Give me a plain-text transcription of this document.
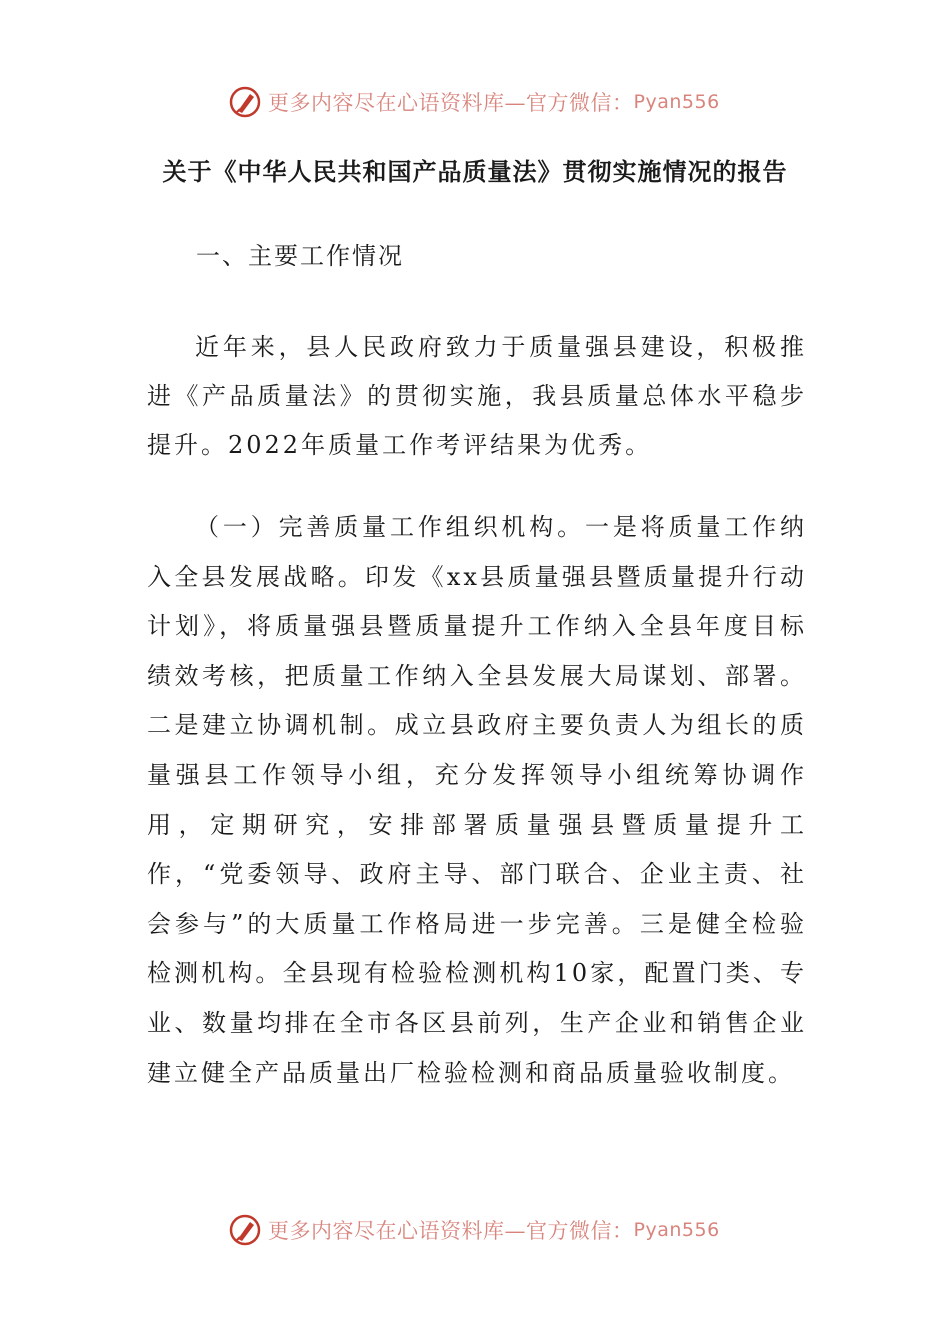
更多内容尽在心语资料库—官方微信： Pyan556
关于《中华人民共和国产品质量法》贯彻实施情况的报告
一、主要工作情况
近年来，县人民政府致力于质量强县建设，积极推进《产品质量法》的贯彻实施，我县质量总体水平稳步提升。2022年质量工作考评结果为优秀。
（一）完善质量工作组织机构。一是将质量工作纳入全县发展战略。印发《xx县质量强县暨质量提升行动计划》，将质量强县暨质量提升工作纳入全县年度目标绩效考核，把质量工作纳入全县发展大局谋划、部署。二是建立协调机制。成立县政府主要负责人为组长的质量强县工作领导小组，充分发挥领导小组统筹协调作用，定期研究，安排部署质量强县暨质量提升工作，“党委领导、政府主导、部门联合、企业主责、社会参与”的大质量工作格局进一步完善。三是健全检验检测机构。全县现有检验检测机构10家，配置门类、专业、数量均排在全市各区县前列，生产企业和销售企业建立健全产品质量出厂检验检测和商品质量验收制度。
更多内容尽在心语资料库—官方微信： Pyan556
